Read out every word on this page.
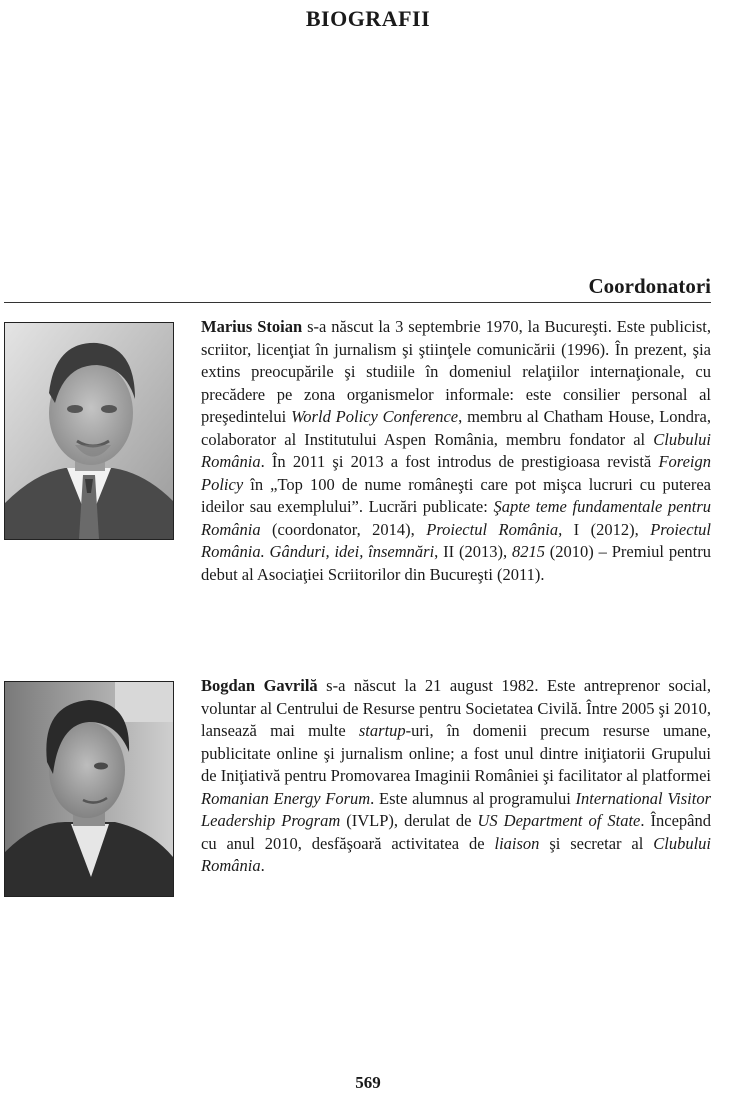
BIOGRAFII
Coordonatori
Marius Stoian s-a născut la 3 septembrie 1970, la Bucureşti. Este publicist, scriitor, licenţiat în jurnalism şi ştiinţele comunicării (1996). În prezent, şia extins preocupările şi studiile în domeniul relaţiilor internaţionale, cu precădere pe zona organismelor informale: este consilier personal al preşedintelui World Policy Conference, membru al Chatham House, Londra, colaborator al Institutului Aspen România, membru fondator al Clubului România. În 2011 şi 2013 a fost introdus de prestigioasa revistă Foreign Policy în „Top 100 de nume româneşti care pot mişca lucruri cu puterea ideilor sau exemplului”. Lucrări publicate: Şapte teme fundamentale pentru România (coordonator, 2014), Proiectul România, I (2012), Proiectul România. Gânduri, idei, însemnări, II (2013), 8215 (2010) – Premiul pentru debut al Asociaţiei Scriitorilor din Bucureşti (2011).
Bogdan Gavrilă s-a născut la 21 august 1982. Este antreprenor social, voluntar al Centrului de Resurse pentru Societatea Civilă. Între 2005 şi 2010, lansează mai multe startup-uri, în domenii precum resurse umane, publicitate online şi jurnalism online; a fost unul dintre iniţiatorii Grupului de Iniţiativă pentru Promovarea Imaginii României şi facilitator al platformei Romanian Energy Forum. Este alumnus al programului International Visitor Leadership Program (IVLP), derulat de US Department of State. Începând cu anul 2010, desfăşoară activitatea de liaison şi secretar al Clubului România.
569
